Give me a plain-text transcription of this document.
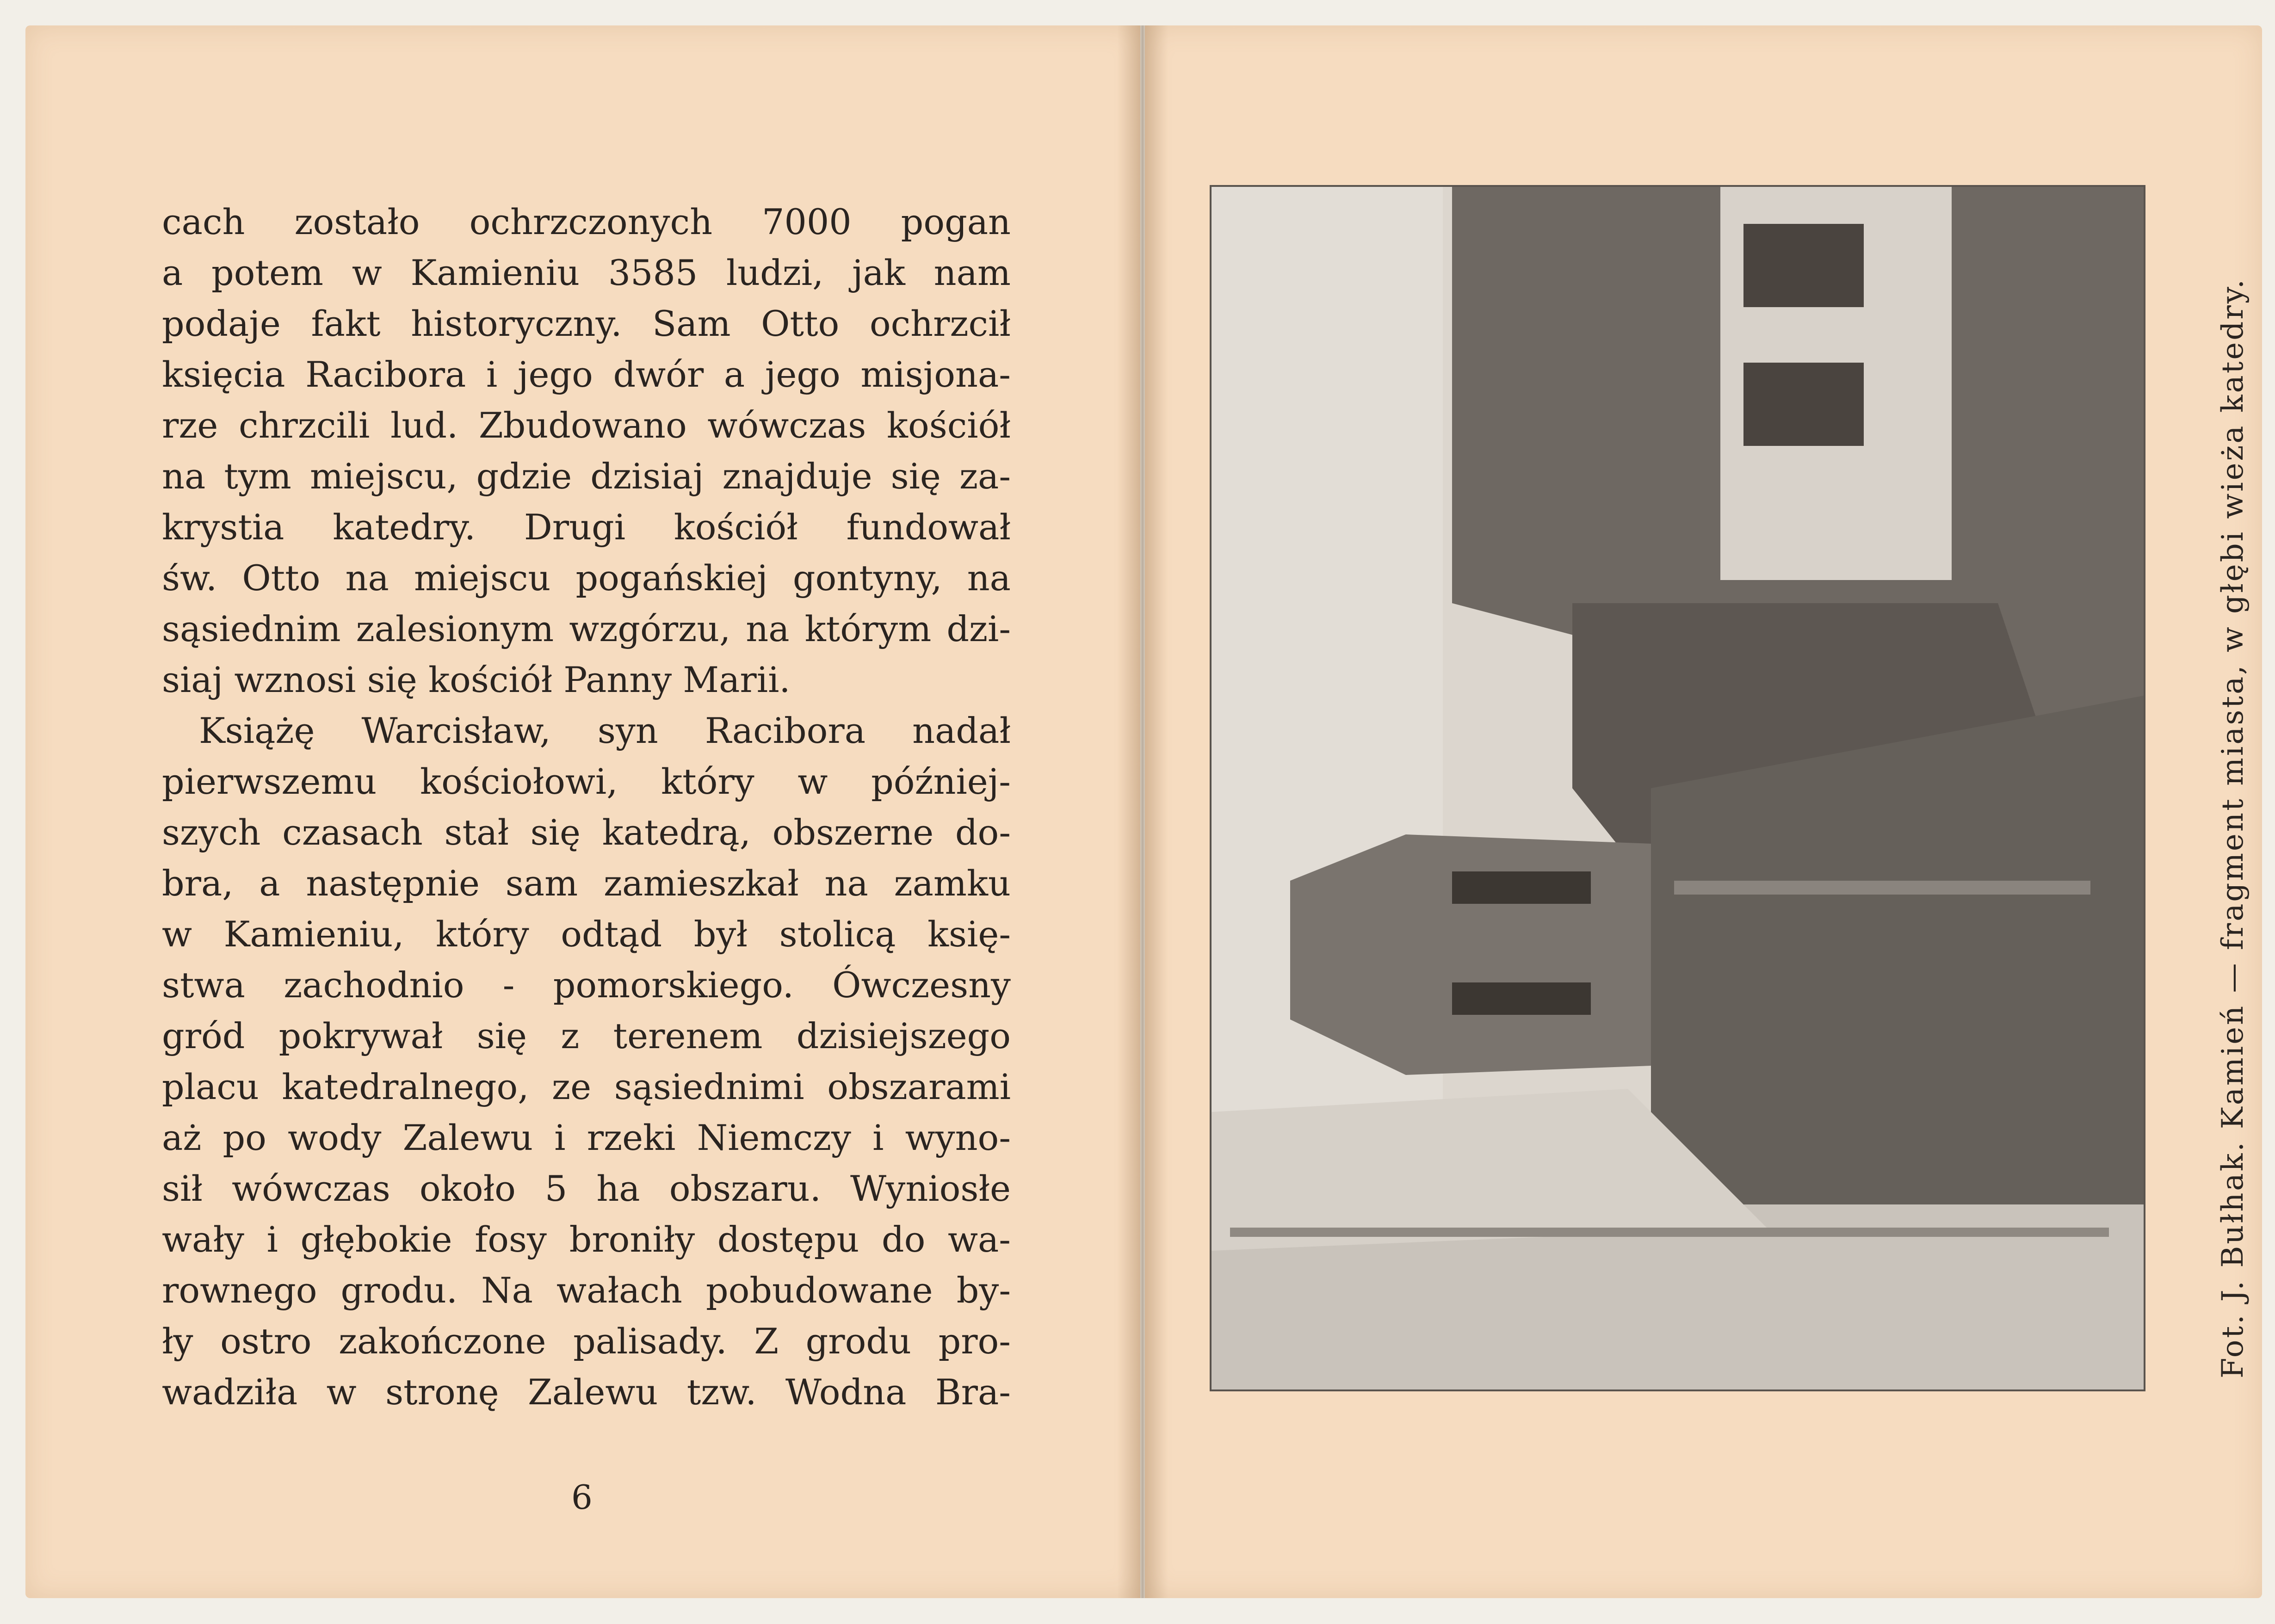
cach zostało ochrzczonych 7000 pogan
a potem w Kamieniu 3585 ludzi, jak nam
podaje fakt historyczny. Sam Otto ochrzcił
księcia Racibora i jego dwór a jego misjona-
rze chrzcili lud. Zbudowano wówczas kościół
na tym miejscu, gdzie dzisiaj znajduje się za-
krystia katedry. Drugi kościół fundował
św. Otto na miejscu pogańskiej gontyny, na
sąsiednim zalesionym wzgórzu, na którym dzi-
siaj wznosi się kościół Panny Marii.
Książę Warcisław, syn Racibora nadał
pierwszemu kościołowi, który w później-
szych czasach stał się katedrą, obszerne do-
bra, a następnie sam zamieszkał na zamku
w Kamieniu, który odtąd był stolicą księ-
stwa zachodnio - pomorskiego. Ówczesny
gród pokrywał się z terenem dzisiejszego
placu katedralnego, ze sąsiednimi obszarami
aż po wody Zalewu i rzeki Niemczy i wyno-
sił wówczas około 5 ha obszaru. Wyniosłe
wały i głębokie fosy broniły dostępu do wa-
rownego grodu. Na wałach pobudowane by-
ły ostro zakończone palisady. Z grodu pro-
wadziła w stronę Zalewu tzw. Wodna Bra-
6
Fot. J. Bułhak. Kamień — fragment miasta, w głębi wieża katedry.
